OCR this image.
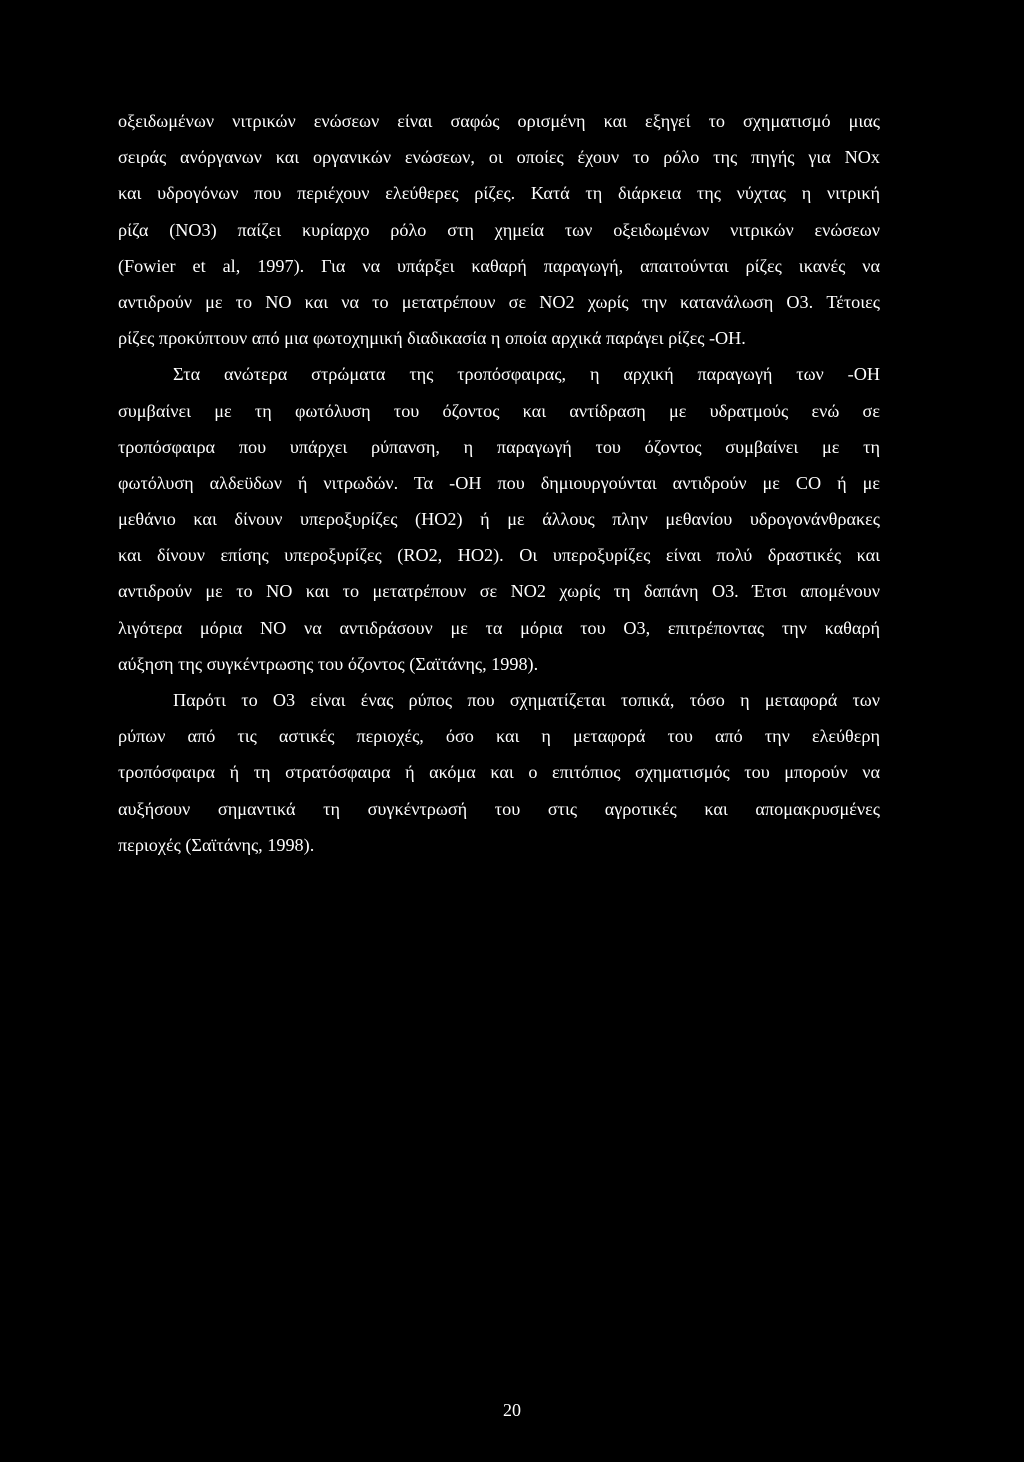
οξειδωμένων νιτρικών ενώσεων είναι σαφώς ορισμένη και εξηγεί το σχηματισμό μιας
σειράς ανόργανων και οργανικών ενώσεων, οι οποίες έχουν το ρόλο της πηγής για NOx
και υδρογόνων που περιέχουν ελεύθερες ρίζες. Κατά τη διάρκεια της νύχτας η νιτρική
ρίζα (NO3) παίζει κυρίαρχο ρόλο στη χημεία των οξειδωμένων νιτρικών ενώσεων
(Fowier et al, 1997). Για να υπάρξει καθαρή παραγωγή, απαιτούνται ρίζες ικανές να
αντιδρούν με το NO και να το μετατρέπουν σε NO2 χωρίς την κατανάλωση O3. Τέτοιες
ρίζες προκύπτουν από μια φωτοχημική διαδικασία η οποία αρχικά παράγει ρίζες -ΟΗ.
Στα ανώτερα στρώματα της τροπόσφαιρας, η αρχική παραγωγή των -ΟΗ
συμβαίνει με τη φωτόλυση του όζοντος και αντίδραση με υδρατμούς ενώ σε
τροπόσφαιρα που υπάρχει ρύπανση, η παραγωγή του όζοντος συμβαίνει με τη
φωτόλυση αλδεϋδων ή νιτρωδών. Τα -ΟΗ που δημιουργούνται αντιδρούν με CO ή με
μεθάνιο και δίνουν υπεροξυρίζες (HO2) ή με άλλους πλην μεθανίου υδρογονάνθρακες
και δίνουν επίσης υπεροξυρίζες (RO2, HO2). Οι υπεροξυρίζες είναι πολύ δραστικές και
αντιδρούν με το NO και το μετατρέπουν σε NO2 χωρίς τη δαπάνη O3. Έτσι απομένουν
λιγότερα μόρια NO να αντιδράσουν με τα μόρια του O3, επιτρέποντας την καθαρή
αύξηση της συγκέντρωσης του όζοντος (Σαϊτάνης, 1998).
Παρότι το O3 είναι ένας ρύπος που σχηματίζεται τοπικά, τόσο η μεταφορά των
ρύπων από τις αστικές περιοχές, όσο και η μεταφορά του από την ελεύθερη
τροπόσφαιρα ή τη στρατόσφαιρα ή ακόμα και ο επιτόπιος σχηματισμός του μπορούν να
αυξήσουν σημαντικά τη συγκέντρωσή του στις αγροτικές και απομακρυσμένες
περιοχές (Σαϊτάνης, 1998).
20
